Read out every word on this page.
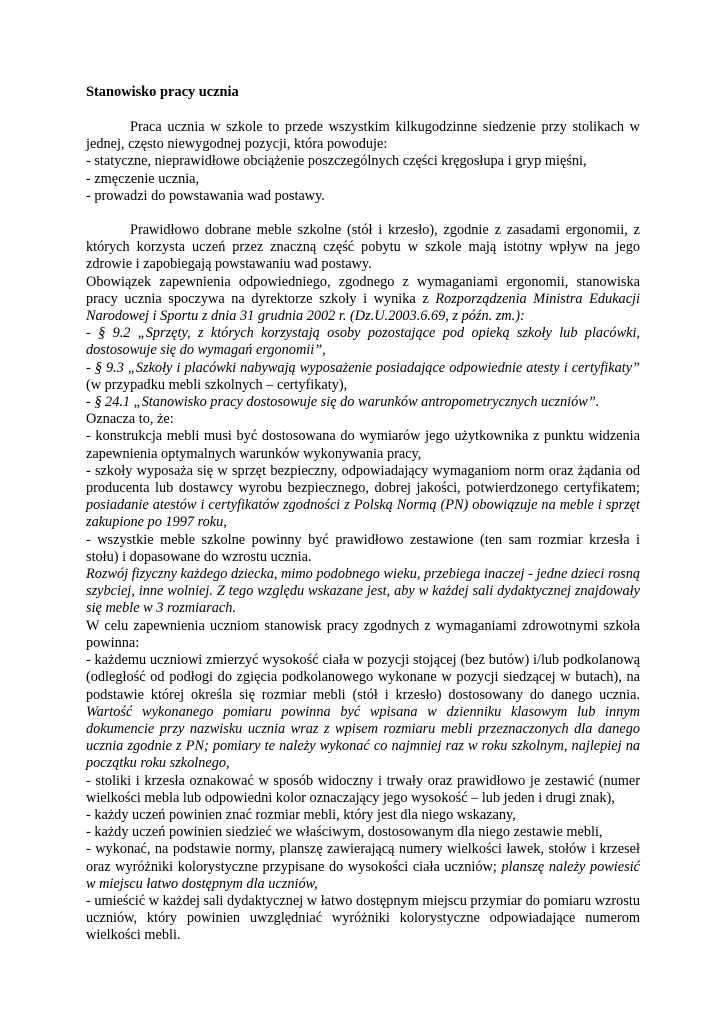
Stanowisko pracy ucznia

Praca ucznia w szkole to przede wszystkim kilkugodzinne siedzenie przy stolikach w jednej, często niewygodnej pozycji, która powoduje:

- statyczne, nieprawidłowe obciążenie poszczególnych części kręgosłupa i gryp mięśni,

- zmęczenie ucznia,

- prowadzi do powstawania wad postawy.

Prawidłowo dobrane meble szkolne (stół i krzesło), zgodnie z zasadami ergonomii, z których korzysta uczeń przez znaczną część pobytu w szkole mają istotny wpływ na jego zdrowie i zapobiegają powstawaniu wad postawy.

Obowiązek zapewnienia odpowiedniego, zgodnego z wymaganiami ergonomii, stanowiska pracy ucznia spoczywa na dyrektorze szkoły i wynika z Rozporządzenia Ministra Edukacji Narodowej i Sportu z dnia 31 grudnia 2002 r. (Dz.U.2003.6.69, z późn. zm.):

- § 9.2 „Sprzęty, z których korzystają osoby pozostające pod opieką szkoły lub placówki, dostosowuje się do wymagań ergonomii”,

- § 9.3 „Szkoły i placówki nabywają wyposażenie posiadające odpowiednie atesty i certyfikaty” (w przypadku mebli szkolnych – certyfikaty),

- § 24.1 „Stanowisko pracy dostosowuje się do warunków antropometrycznych uczniów”.

Oznacza to, że:

- konstrukcja mebli musi być dostosowana do wymiarów jego użytkownika z punktu widzenia zapewnienia optymalnych warunków wykonywania pracy,

- szkoły wyposaża się w sprzęt bezpieczny, odpowiadający wymaganiom norm oraz żądania od producenta lub dostawcy wyrobu bezpiecznego, dobrej jakości, potwierdzonego certyfikatem; posiadanie atestów i certyfikatów zgodności z Polską Normą (PN) obowiązuje na meble i sprzęt zakupione po 1997 roku,

- wszystkie meble szkolne powinny być prawidłowo zestawione (ten sam rozmiar krzesła i stołu) i dopasowane do wzrostu ucznia.

Rozwój fizyczny każdego dziecka, mimo podobnego wieku, przebiega inaczej - jedne dzieci rosną szybciej, inne wolniej. Z tego względu wskazane jest, aby w każdej sali dydaktycznej znajdowały się meble w 3 rozmiarach.

W celu zapewnienia uczniom stanowisk pracy zgodnych z wymaganiami zdrowotnymi szkoła powinna:

- każdemu uczniowi zmierzyć wysokość ciała w pozycji stojącej (bez butów) i/lub podkolanową (odległość od podłogi do zgięcia podkolanowego wykonane w pozycji siedzącej w butach), na podstawie której określa się rozmiar mebli (stół i krzesło) dostosowany do danego ucznia. Wartość wykonanego pomiaru powinna być wpisana w dzienniku klasowym lub innym dokumencie przy nazwisku ucznia wraz z wpisem rozmiaru mebli przeznaczonych dla danego ucznia zgodnie z PN; pomiary te należy wykonać co najmniej raz w roku szkolnym, najlepiej na początku roku szkolnego,

- stoliki i krzesła oznakować w sposób widoczny i trwały oraz prawidłowo je zestawić (numer wielkości mebla lub odpowiedni kolor oznaczający jego wysokość – lub jeden i drugi znak),

- każdy uczeń powinien znać rozmiar mebli, który jest dla niego wskazany,

- każdy uczeń powinien siedzieć we właściwym, dostosowanym dla niego zestawie mebli,

- wykonać, na podstawie normy, planszę zawierającą numery wielkości ławek, stołów i krzeseł oraz wyróżniki kolorystyczne przypisane do wysokości ciała uczniów; planszę należy powiesić w miejscu łatwo dostępnym dla uczniów,

- umieścić w każdej sali dydaktycznej w łatwo dostępnym miejscu przymiar do pomiaru wzrostu uczniów, który powinien uwzględniać wyróżniki kolorystyczne odpowiadające numerom wielkości mebli.
